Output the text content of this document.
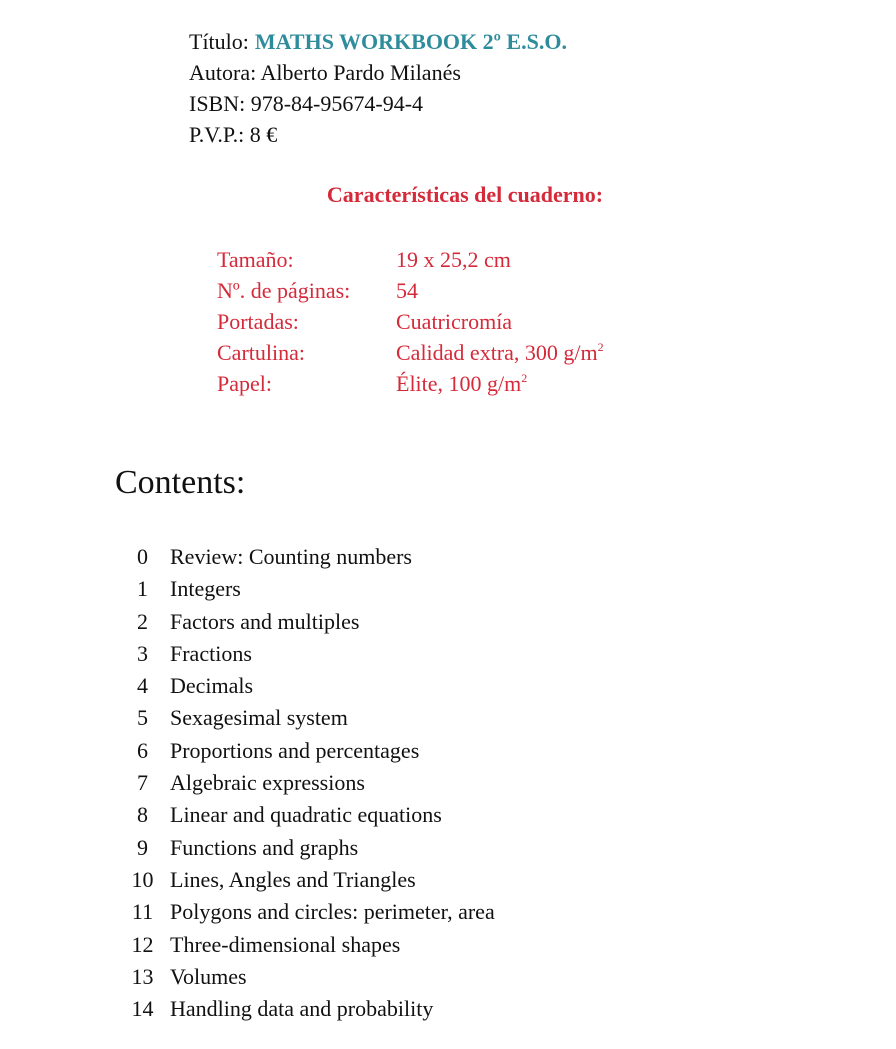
Título: MATHS WORKBOOK 2º E.S.O.
Autora: Alberto Pardo Milanés
ISBN: 978-84-95674-94-4
P.V.P.: 8 €
Características del cuaderno:
Tamaño:	19 x 25,2 cm
Nº. de páginas:	54
Portadas:	Cuatricromía
Cartulina:	Calidad extra, 300 $g/m^2$
Papel:	Élite, 100 $g/m^2$
Contents:
0	Review: Counting numbers
1	Integers
2	Factors and multiples
3	Fractions
4	Decimals
5	Sexagesimal system
6	Proportions and percentages
7	Algebraic expressions
8	Linear and quadratic equations
9	Functions and graphs
10 Lines, Angles and Triangles
11 Polygons and circles: perimeter, area
12 Three-dimensional shapes
13 Volumes
14 Handling data and probability
